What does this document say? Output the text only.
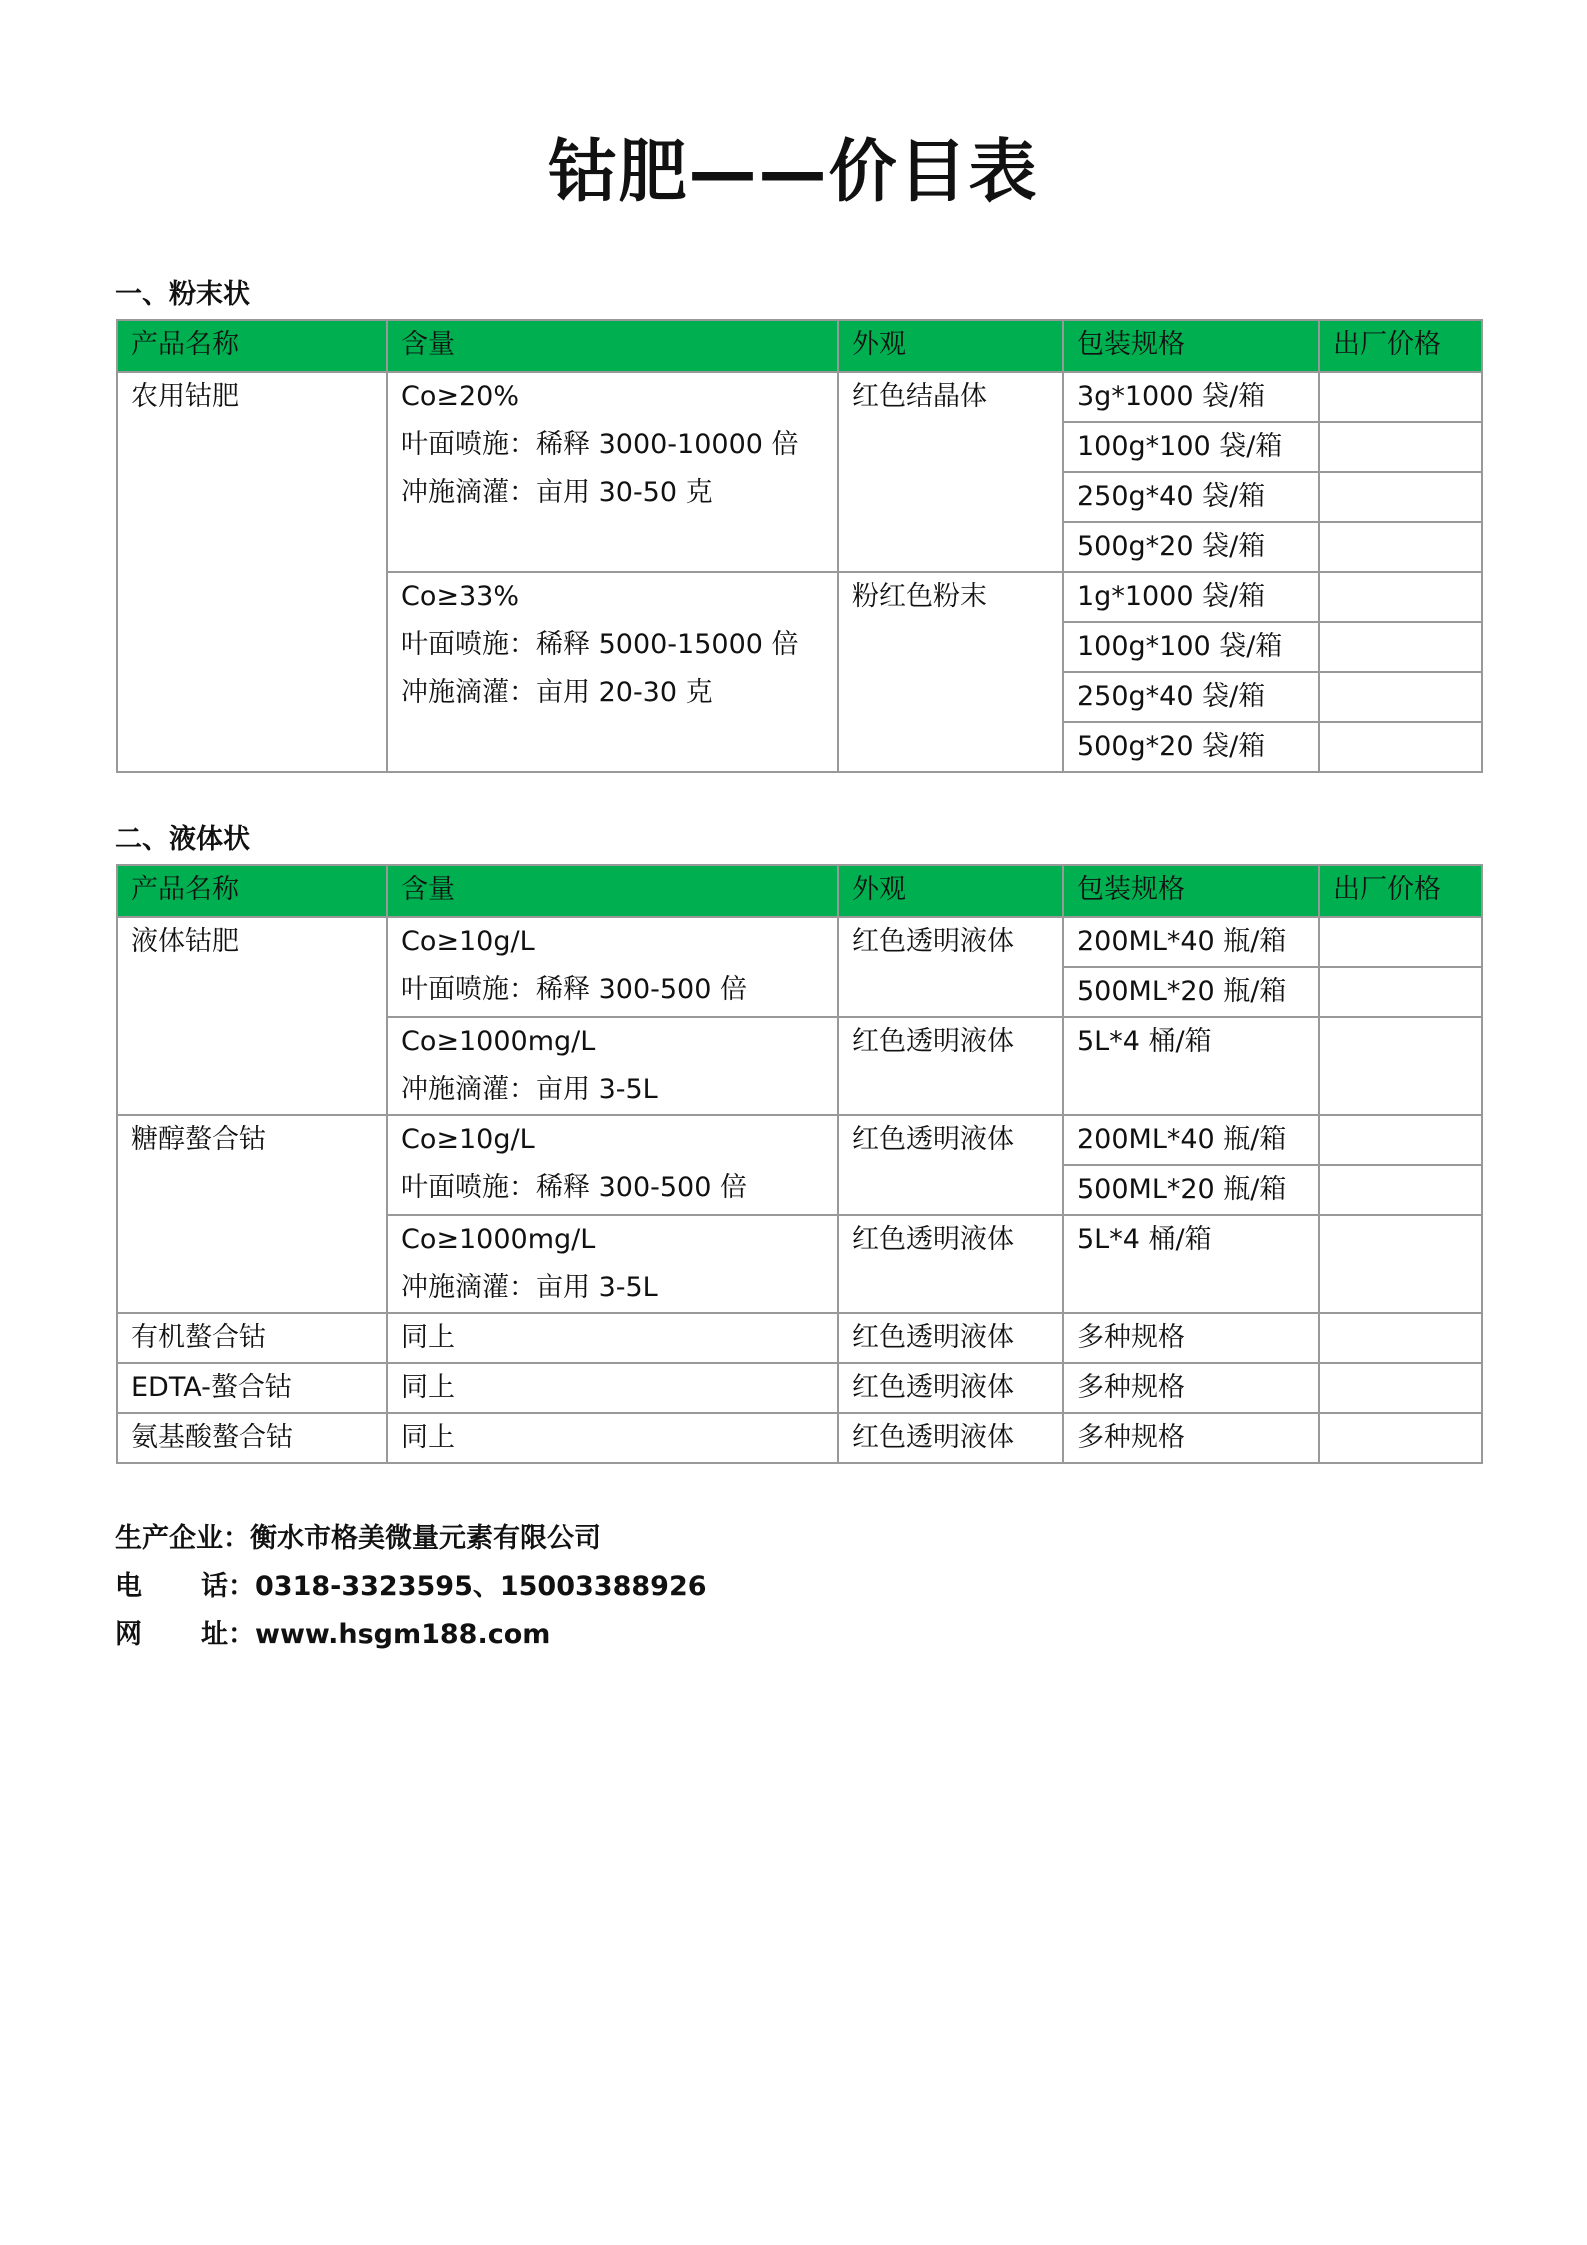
钴肥——价目表
一、粉末状
产品名称	含量	外观	包装规格	出厂价格
农用钴肥	Co≥20%
叶面喷施：稀释 3000-10000 倍
冲施滴灌：亩用 30-50 克	红色结晶体	3g*1000 袋/箱	
			100g*100 袋/箱	
			250g*40 袋/箱	
			500g*20 袋/箱	

	Co≥33%
叶面喷施：稀释 5000-15000 倍
冲施滴灌：亩用 20-30 克	粉红色粉末	1g*1000 袋/箱	
			100g*100 袋/箱	
			250g*40 袋/箱	
			500g*20 袋/箱	
二、液体状
产品名称	含量	外观	包装规格	出厂价格
液体钴肥	Co≥10g/L
叶面喷施：稀释 300-500 倍	红色透明液体	200ML*40 瓶/箱	
			500ML*20 瓶/箱	

	Co≥1000mg/L
冲施滴灌：亩用 3-5L	红色透明液体	5L*4 桶/箱	

糖醇螯合钴	Co≥10g/L
叶面喷施：稀释 300-500 倍	红色透明液体	200ML*40 瓶/箱	
			500ML*20 瓶/箱	

	Co≥1000mg/L
冲施滴灌：亩用 3-5L	红色透明液体	5L*4 桶/箱	

有机螯合钴	同上	红色透明液体	多种规格	
EDTA-螯合钴	同上	红色透明液体	多种规格	
氨基酸螯合钴	同上	红色透明液体	多种规格	
生产企业：衡水市格美微量元素有限公司
电 话： 0318-3323595、15003388926
网 址： www.hsgm188.com
